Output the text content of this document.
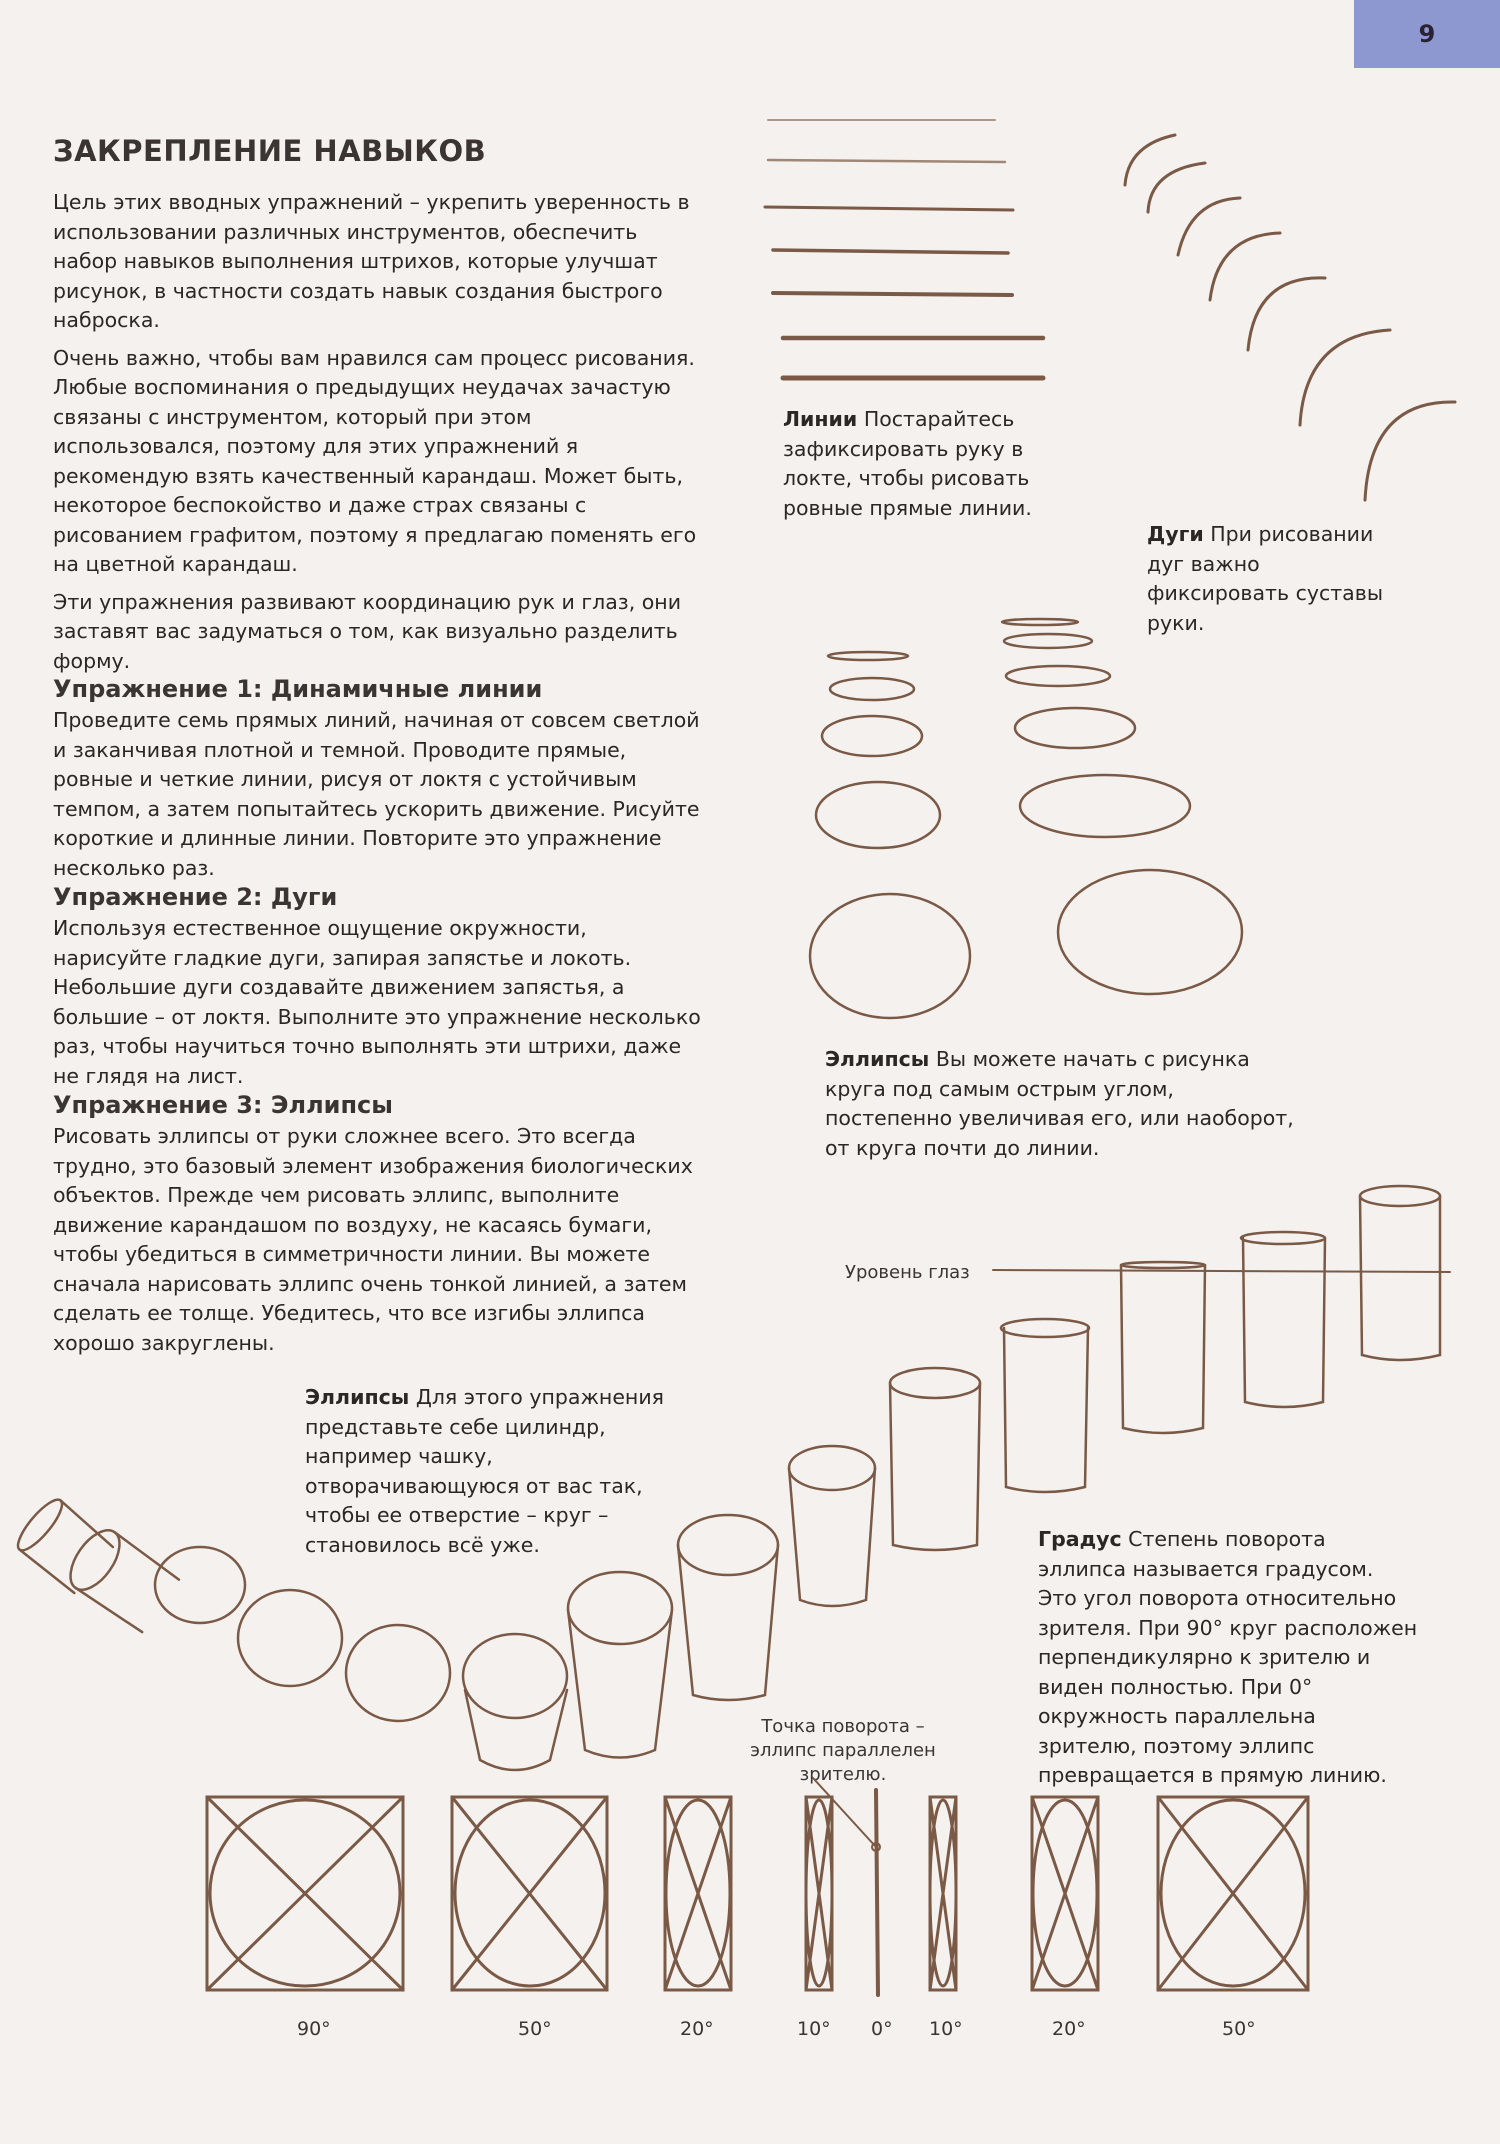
9
ЗАКРЕПЛЕНИЕ НАВЫКОВ

Цель этих вводных упражнений – укрепить уверенность в использовании различных инструментов, обеспечить набор навыков выполнения штрихов, которые улучшат рисунок, в частности создать навык создания быстрого наброска.

Очень важно, чтобы вам нравился сам процесс рисования. Любые воспоминания о предыдущих неудачах зачастую связаны с инструментом, который при этом использовался, поэтому для этих упражнений я рекомендую взять качественный карандаш. Может быть, некоторое беспокойство и даже страх связаны с рисованием графитом, поэтому я предлагаю поменять его на цветной карандаш.

Эти упражнения развивают координацию рук и глаз, они заставят вас задуматься о том, как визуально разделить форму.

Упражнение 1: Динамичные линии

Проведите семь прямых линий, начиная от совсем светлой и заканчивая плотной и темной. Проводите прямые, ровные и четкие линии, рисуя от локтя с устойчивым темпом, а затем попытайтесь ускорить движение. Рисуйте короткие и длинные линии. Повторите это упражнение несколько раз.

Упражнение 2: Дуги

Используя естественное ощущение окружности, нарисуйте гладкие дуги, запирая запястье и локоть. Небольшие дуги создавайте движением запястья, а большие – от локтя. Выполните это упражнение несколько раз, чтобы научиться точно выполнять эти штрихи, даже не глядя на лист.

Упражнение 3: Эллипсы

Рисовать эллипсы от руки сложнее всего. Это всегда трудно, это базовый элемент изображения биологических объектов. Прежде чем рисовать эллипс, выполните движение карандашом по воздуху, не касаясь бумаги, чтобы убедиться в симметричности линии. Вы можете сначала нарисовать эллипс очень тонкой линией, а затем сделать ее толще. Убедитесь, что все изгибы эллипса хорошо закруглены.

Линии Постарайтесь зафиксировать руку в локте, чтобы рисовать ровные прямые линии.
Дуги При рисовании дуг важно фиксировать суставы руки.
Эллипсы Вы можете начать с рисунка круга под самым острым углом, постепенно увеличивая его, или наоборот, от круга почти до линии.
Эллипсы Для этого упражнения представьте себе цилиндр, например чашку, отворачивающуюся от вас так, чтобы ее отверстие – круг – становилось всё уже.	Градус Степень поворота эллипса называется градусом. Это угол поворота относительно зрителя. При 90° круг расположен перпендикулярно к зрителю и виден полностью. При 0° окружность параллельна зрителю, поэтому эллипс превращается в прямую линию.
Уровень глаз
Точка поворота – эллипс параллелен зрителю.
90°	50°	20°	10° 0° 10°	20°	50°
